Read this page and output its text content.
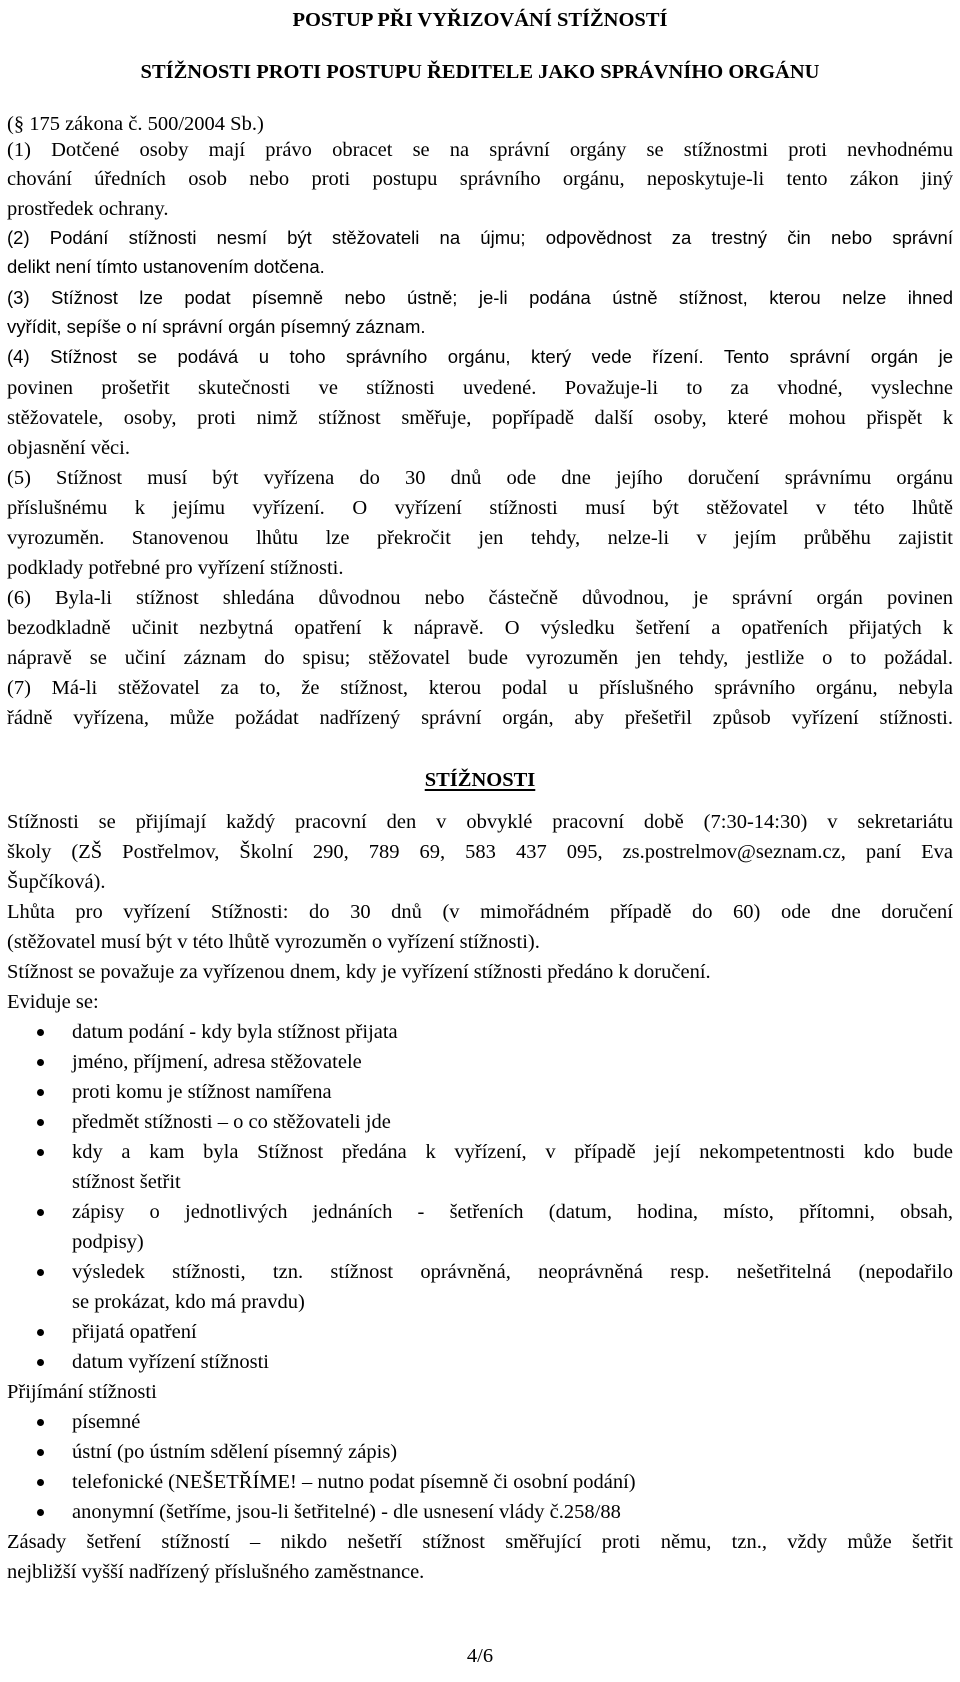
POSTUP PŘI VYŘIZOVÁNÍ STÍŽNOSTÍ
STÍŽNOSTI PROTI POSTUPU ŘEDITELE JAKO SPRÁVNÍHO ORGÁNU
(§ 175 zákona č. 500/2004 Sb.)
(1) Dotčené osoby mají právo obracet se na správní orgány se stížnostmi proti nevhodnému
chování úředních osob nebo proti postupu správního orgánu, neposkytuje-li tento zákon jiný
prostředek ochrany.
(2) Podání stížnosti nesmí být stěžovateli na újmu; odpovědnost za trestný čin nebo správní
delikt není tímto ustanovením dotčena.
(3) Stížnost lze podat písemně nebo ústně; je-li podána ústně stížnost, kterou nelze ihned
vyřídit, sepíše o ní správní orgán písemný záznam.
(4) Stížnost se podává u toho správního orgánu, který vede řízení. Tento správní orgán je
povinen prošetřit skutečnosti ve stížnosti uvedené. Považuje-li to za vhodné, vyslechne
stěžovatele, osoby, proti nimž stížnost směřuje, popřípadě další osoby, které mohou přispět k
objasnění věci.
(5) Stížnost musí být vyřízena do 30 dnů ode dne jejího doručení správnímu orgánu
příslušnému k jejímu vyřízení. O vyřízení stížnosti musí být stěžovatel v této lhůtě
vyrozuměn. Stanovenou lhůtu lze překročit jen tehdy, nelze-li v jejím průběhu zajistit
podklady potřebné pro vyřízení stížnosti.
(6) Byla-li stížnost shledána důvodnou nebo částečně důvodnou, je správní orgán povinen
bezodkladně učinit nezbytná opatření k nápravě. O výsledku šetření a opatřeních přijatých k
nápravě se učiní záznam do spisu; stěžovatel bude vyrozuměn jen tehdy, jestliže o to požádal.
(7) Má-li stěžovatel za to, že stížnost, kterou podal u příslušného správního orgánu, nebyla
řádně vyřízena, může požádat nadřízený správní orgán, aby přešetřil způsob vyřízení stížnosti.
STÍŽNOSTI
Stížnosti se přijímají každý pracovní den v obvyklé pracovní době (7:30-14:30) v sekretariátu
školy (ZŠ Postřelmov, Školní 290, 789 69, 583 437 095, zs.postrelmov@seznam.cz, paní Eva
Šupčíková).
Lhůta pro vyřízení Stížnosti: do 30 dnů (v mimořádném případě do 60) ode dne doručení
(stěžovatel musí být v této lhůtě vyrozuměn o vyřízení stížnosti).
Stížnost se považuje za vyřízenou dnem, kdy je vyřízení stížnosti předáno k doručení.
Eviduje se:
datum podání - kdy byla stížnost přijata
jméno, příjmení, adresa stěžovatele
proti komu je stížnost namířena
předmět stížnosti – o co stěžovateli jde
kdy a kam byla Stížnost předána k vyřízení, v případě její nekompetentnosti kdo bude
stížnost šetřit
zápisy o jednotlivých jednáních - šetřeních (datum, hodina, místo, přítomni, obsah,
podpisy)
výsledek stížnosti, tzn. stížnost oprávněná, neoprávněná resp. nešetřitelná (nepodařilo
se prokázat, kdo má pravdu)
přijatá opatření
datum vyřízení stížnosti
Přijímání stížnosti
písemné
ústní (po ústním sdělení písemný zápis)
telefonické (NEŠETŘÍME! – nutno podat písemně či osobní podání)
anonymní (šetříme, jsou-li šetřitelné) - dle usnesení vlády č.258/88
Zásady šetření stížností – nikdo nešetří stížnost směřující proti němu, tzn., vždy může šetřit
nejbližší vyšší nadřízený příslušného zaměstnance.
4/6
